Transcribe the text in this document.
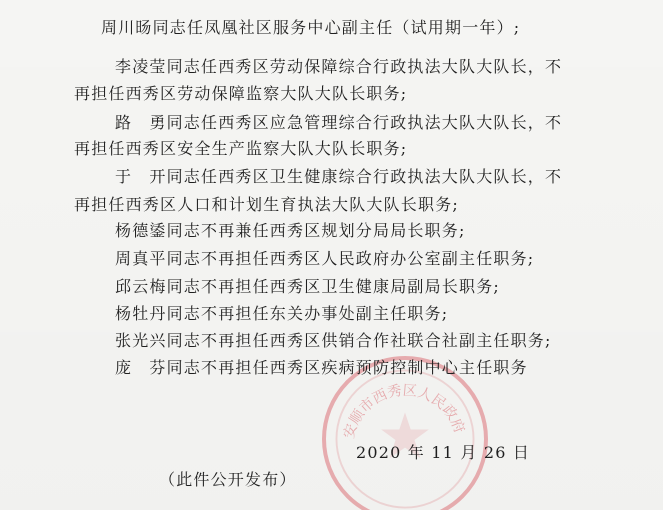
安顺市西秀区人民政府
周川旸同志任凤凰社区服务中心副主任（试用期一年）;
李凌莹同志任西秀区劳动保障综合行政执法大队大队长，不
再担任西秀区劳动保障监察大队大队长职务;
路　勇同志任西秀区应急管理综合行政执法大队大队长，不
再担任西秀区安全生产监察大队大队长职务;
于　开同志任西秀区卫生健康综合行政执法大队大队长，不
再担任西秀区人口和计划生育执法大队大队长职务;
杨德鋈同志不再兼任西秀区规划分局局长职务;
周真平同志不再担任西秀区人民政府办公室副主任职务;
邱云梅同志不再担任西秀区卫生健康局副局长职务;
杨牡丹同志不再担任东关办事处副主任职务;
张光兴同志不再担任西秀区供销合作社联合社副主任职务;
庞　芬同志不再担任西秀区疾病预防控制中心主任职务
2020 年 11 月 26 日
（此件公开发布）
